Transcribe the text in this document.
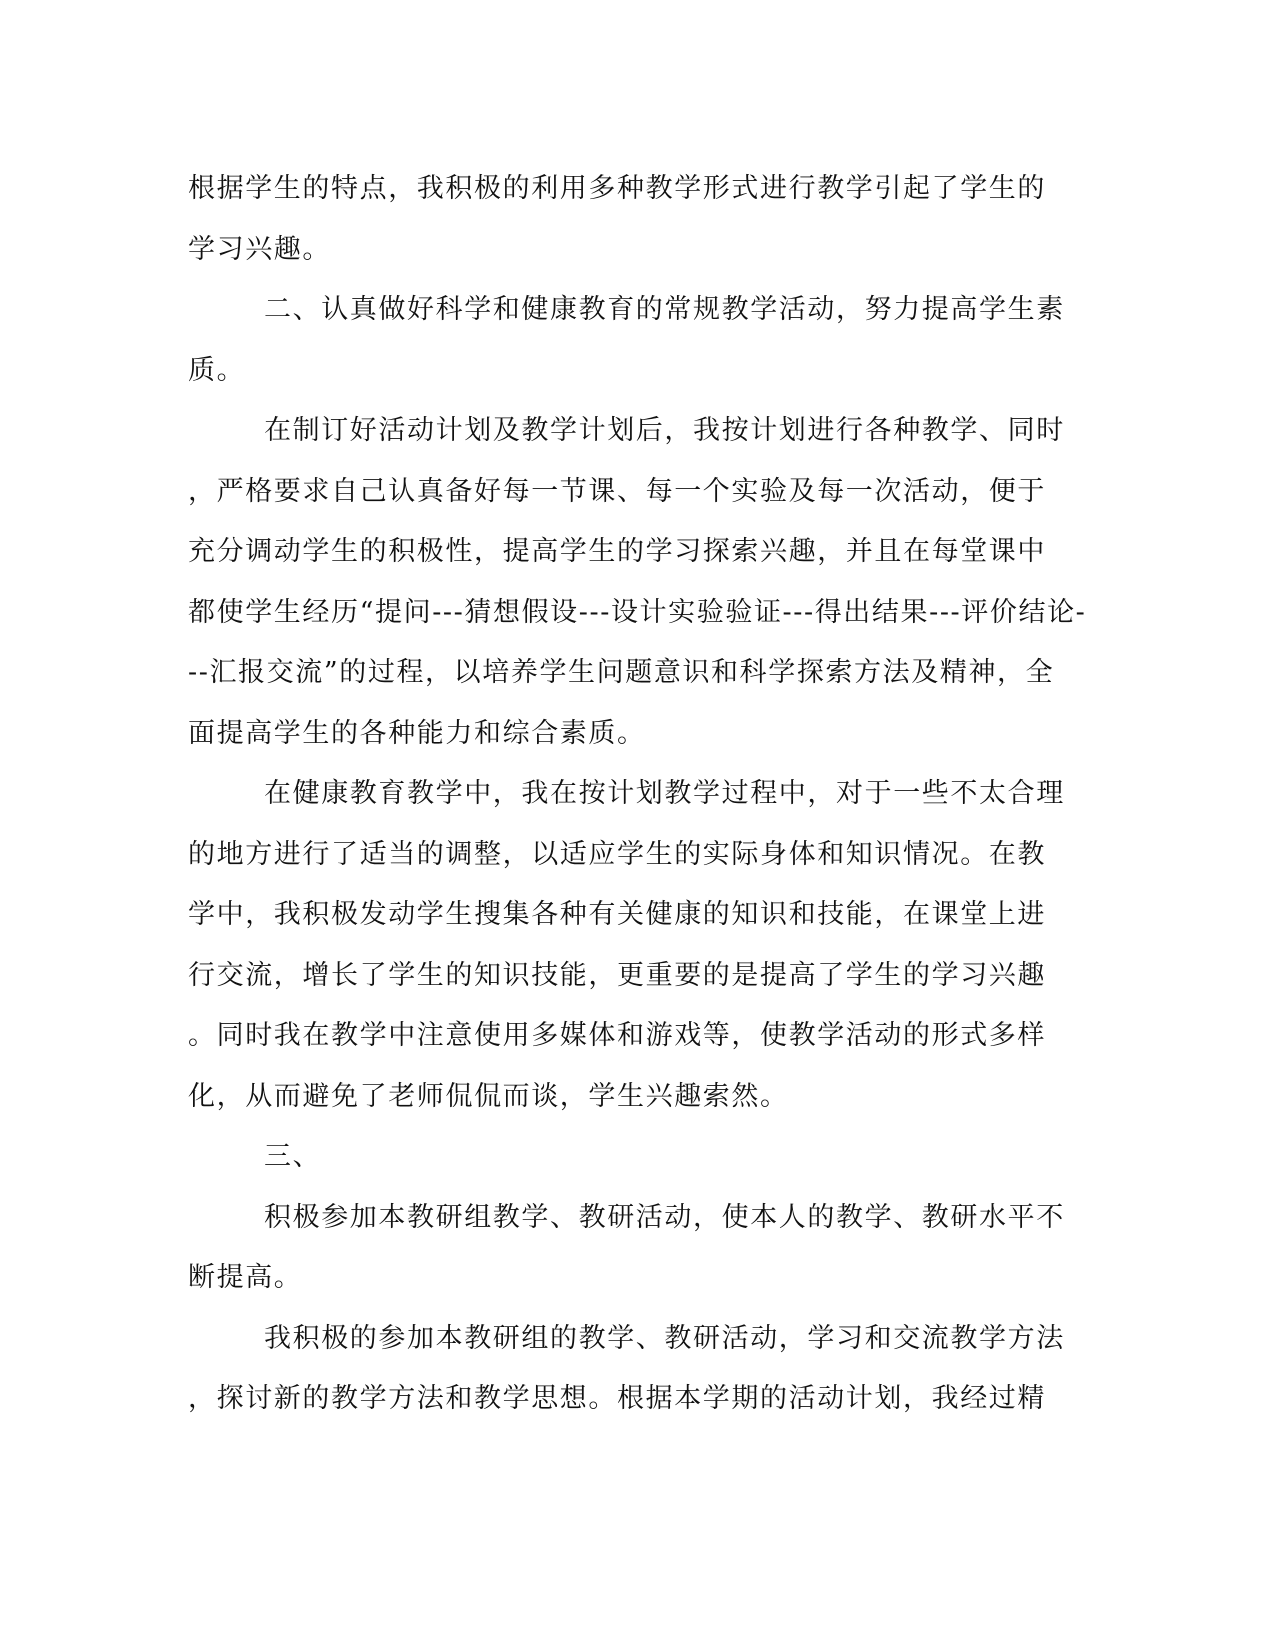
根据学生的特点，我积极的利用多种教学形式进行教学引起了学生的
学习兴趣。
二、认真做好科学和健康教育的常规教学活动，努力提高学生素
质。
在制订好活动计划及教学计划后，我按计划进行各种教学、同时
，严格要求自己认真备好每一节课、每一个实验及每一次活动，便于
充分调动学生的积极性，提高学生的学习探索兴趣，并且在每堂课中
都使学生经历“提问---猜想假设---设计实验验证---得出结果---评价结论-
--汇报交流”的过程，以培养学生问题意识和科学探索方法及精神，全
面提高学生的各种能力和综合素质。
在健康教育教学中，我在按计划教学过程中，对于一些不太合理
的地方进行了适当的调整，以适应学生的实际身体和知识情况。在教
学中，我积极发动学生搜集各种有关健康的知识和技能，在课堂上进
行交流，增长了学生的知识技能，更重要的是提高了学生的学习兴趣
。同时我在教学中注意使用多媒体和游戏等，使教学活动的形式多样
化，从而避免了老师侃侃而谈，学生兴趣索然。
三、
积极参加本教研组教学、教研活动，使本人的教学、教研水平不
断提高。
我积极的参加本教研组的教学、教研活动，学习和交流教学方法
，探讨新的教学方法和教学思想。根据本学期的活动计划，我经过精
